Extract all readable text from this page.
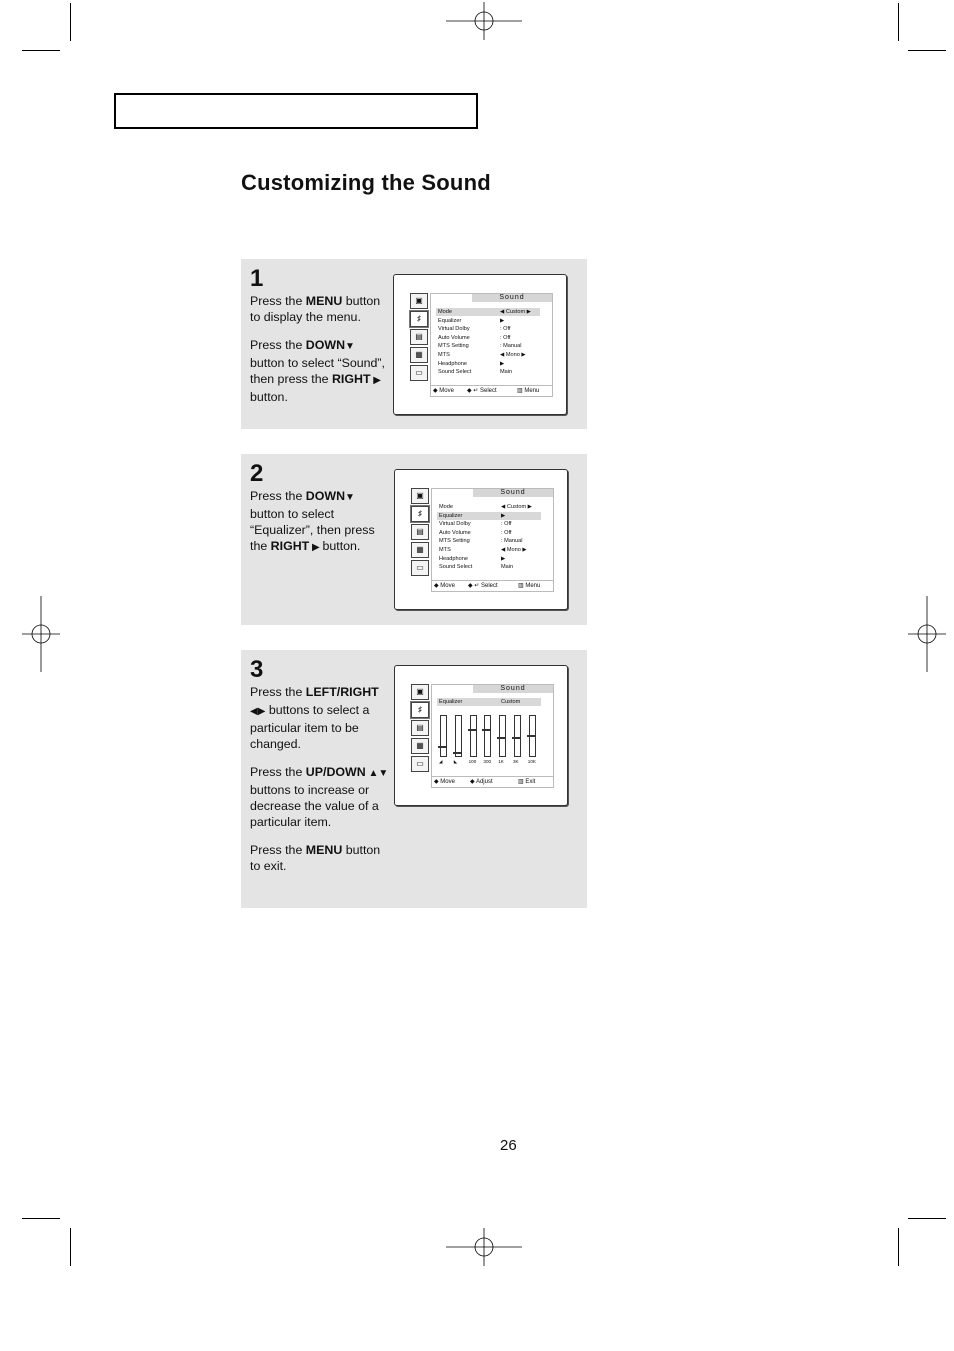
Customizing the Sound
1

Press the MENU button to display the menu.

Press the DOWN▼ button to select “Sound”, then press the RIGHT ▶ button.

▣
♯
▤
▦
▭
Sound
Mode	◀ Custom ▶
Equalizer	▶
Virtual Dolby	: Off
Auto Volume	: Off
MTS Setting	: Manual
MTS	◀ Mono ▶
Headphone	▶
Sound Select	Main
◆ Move ◆ ↵ Select	▥ Menu
2

Press the DOWN▼ button to select “Equalizer”, then press the RIGHT ▶ button.

▣
♯
▤
▦
▭
Sound
Mode	◀ Custom ▶
Equalizer	▶
Virtual Dolby	: Off
Auto Volume	: Off
MTS Setting	: Manual
MTS	◀ Mono ▶
Headphone	▶
Sound Select	Main
◆ Move ◆ ↵ Select	▥ Menu
3

Press the LEFT/RIGHT ◀▶ buttons to select a particular item to be changed.

Press the UP/DOWN ▲▼ buttons to increase or decrease the value of a particular item.

Press the MENU button to exit.

▣
♯
▤
▦
▭
Sound
Equalizer	Custom
◢ ◣ 100 300 1K 3K 10K
◆ Move	◆ Adjust	▥ Exit
26
